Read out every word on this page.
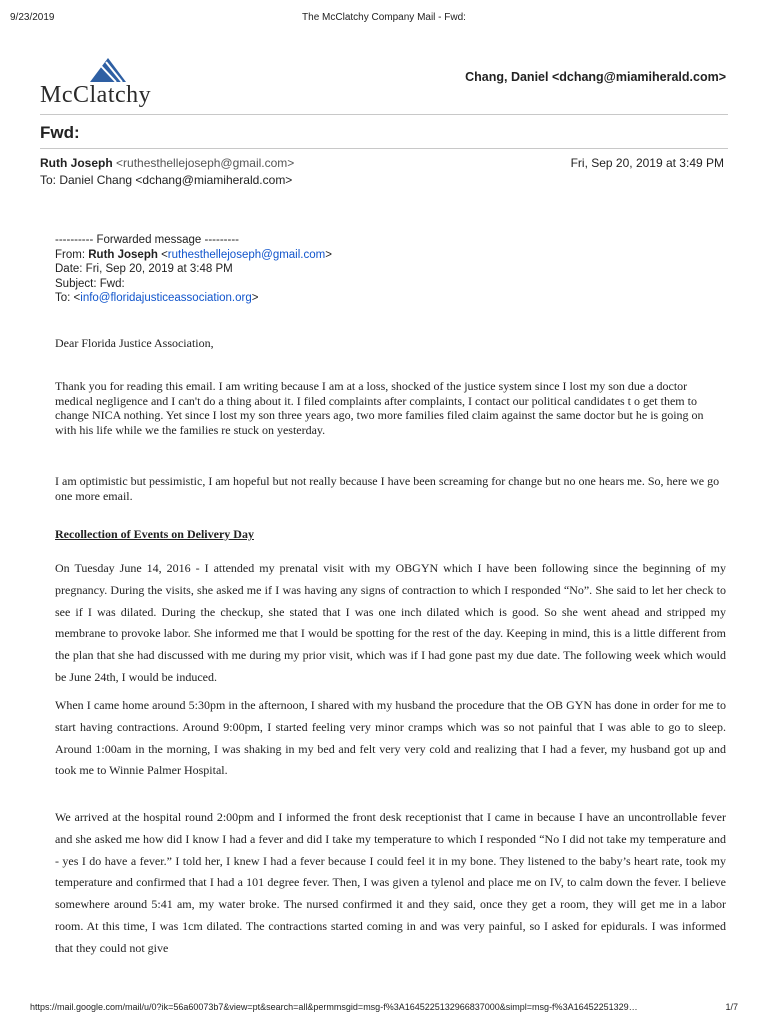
9/23/2019	The McClatchy Company Mail - Fwd:
McClatchy
Chang, Daniel <dchang@miamiherald.com>
Fwd:
Ruth Joseph <ruthesthellejoseph@gmail.com>	Fri, Sep 20, 2019 at 3:49 PM
To: Daniel Chang <dchang@miamiherald.com>
---------- Forwarded message ---------
From: Ruth Joseph <ruthesthellejoseph@gmail.com>
Date: Fri, Sep 20, 2019 at 3:48 PM
Subject: Fwd:
To: <info@floridajusticeassociation.org>
Dear Florida Justice Association,
Thank you for reading this email. I am writing because I am at a loss, shocked of the justice system since I lost my son due a doctor medical negligence and I can't do a thing about it. I filed complaints after complaints, I contact our political candidates t o get them to change NICA nothing. Yet since I lost my son three years ago, two more families filed claim against the same doctor but he is going on with his life while we the families re stuck on yesterday.
I am optimistic but pessimistic, I am hopeful but not really because I have been screaming for change but no one hears me. So, here we go one more email.
Recollection of Events on Delivery Day
On Tuesday June 14, 2016 - I attended my prenatal visit with my OBGYN which I have been following since the beginning of my pregnancy. During the visits, she asked me if I was having any signs of contraction to which I responded “No”. She said to let her check to see if I was dilated. During the checkup, she stated that I was one inch dilated which is good. So she went ahead and stripped my membrane to provoke labor. She informed me that I would be spotting for the rest of the day. Keeping in mind, this is a little different from the plan that she had discussed with me during my prior visit, which was if I had gone past my due date. The following week which would be June 24th, I would be induced.
When I came home around 5:30pm in the afternoon, I shared with my husband the procedure that the OB GYN has done in order for me to start having contractions. Around 9:00pm, I started feeling very minor cramps which was so not painful that I was able to go to sleep. Around 1:00am in the morning, I was shaking in my bed and felt very very cold and realizing that I had a fever, my husband got up and took me to Winnie Palmer Hospital.
We arrived at the hospital round 2:00pm and I informed the front desk receptionist that I came in because I have an uncontrollable fever and she asked me how did I know I had a fever and did I take my temperature to which I responded “No I did not take my temperature and - yes I do have a fever.” I told her, I knew I had a fever because I could feel it in my bone. They listened to the baby’s heart rate, took my temperature and confirmed that I had a 101 degree fever. Then, I was given a tylenol and place me on IV, to calm down the fever. I believe somewhere around 5:41 am, my water broke. The nursed confirmed it and they said, once they get a room, they will get me in a labor room. At this time, I was 1cm dilated. The contractions started coming in and was very painful, so I asked for epidurals. I was informed that they could not give
https://mail.google.com/mail/u/0?ik=56a60073b7&view=pt&search=all&permmsgid=msg-f%3A1645225132966837000&simpl=msg-f%3A16452251329…	1/7
